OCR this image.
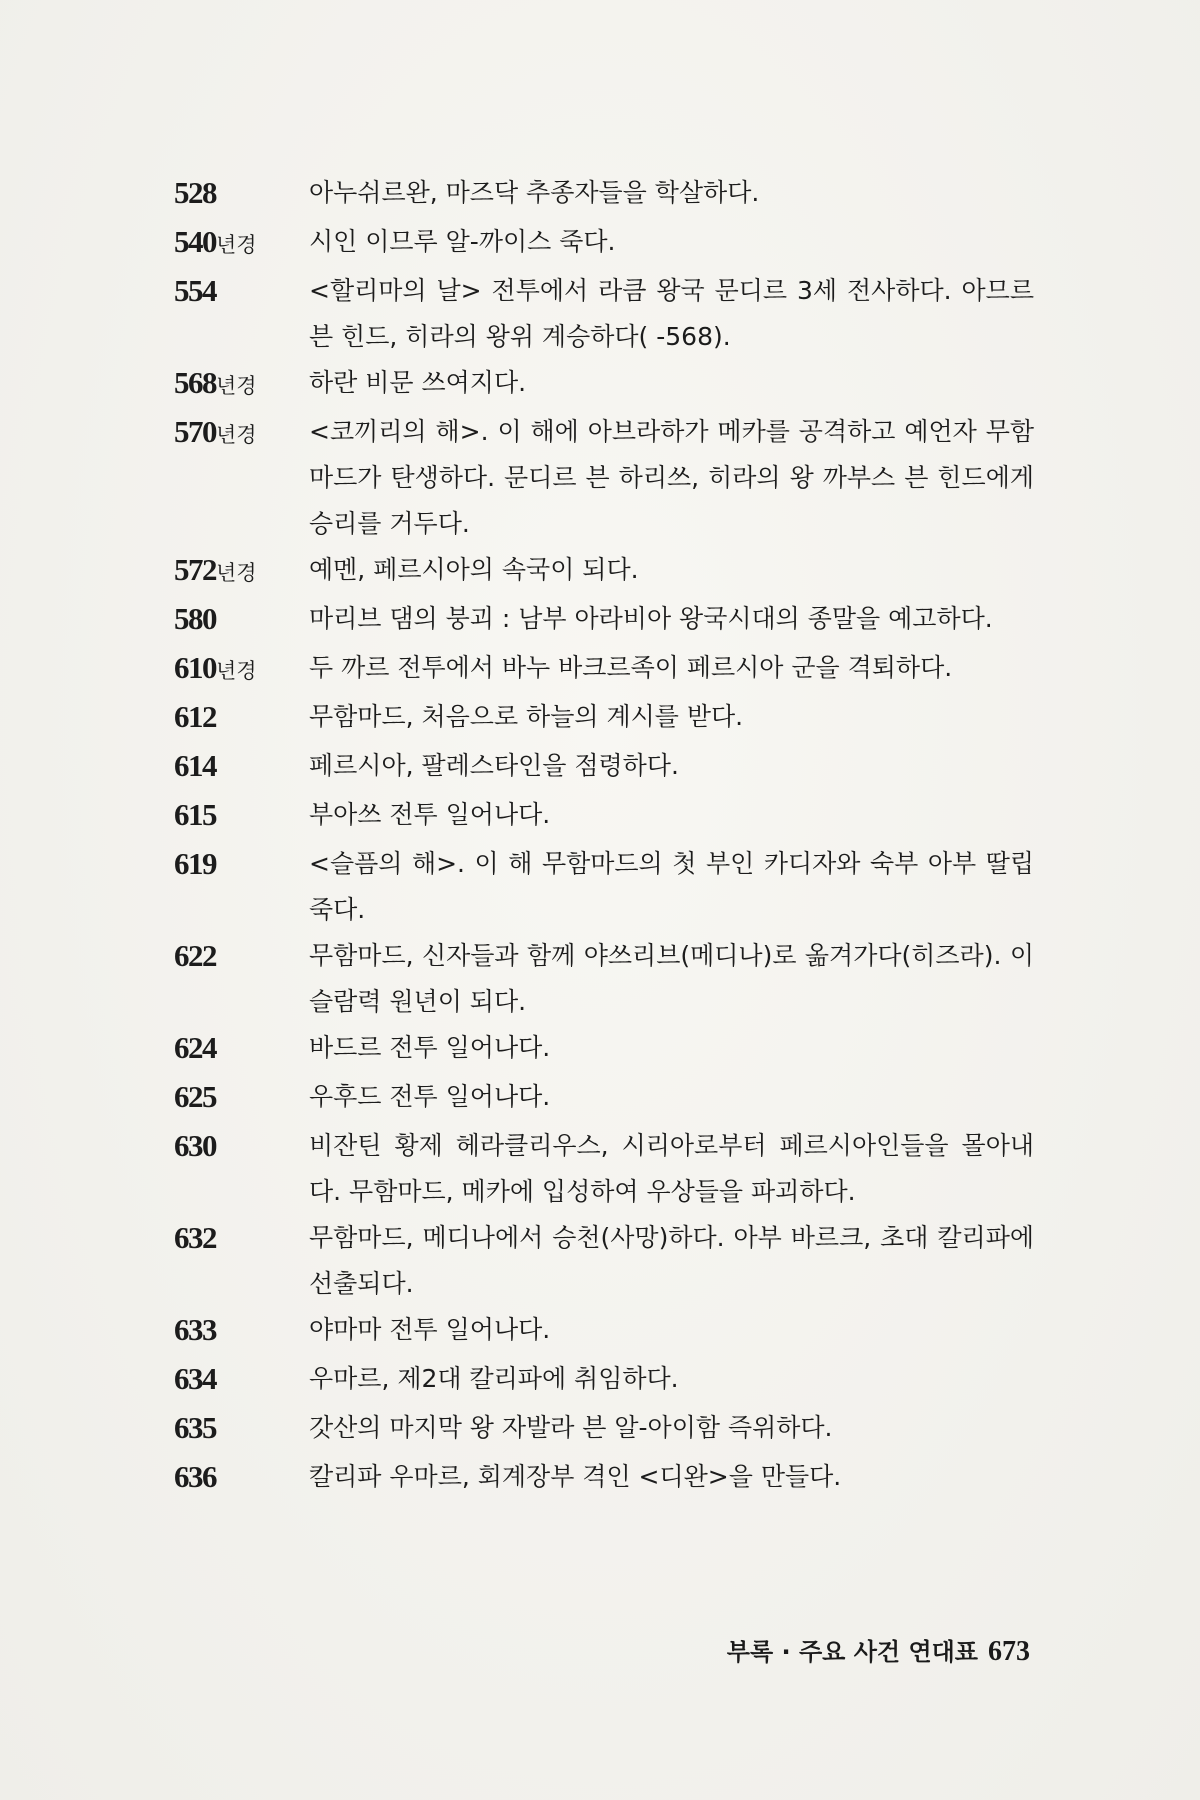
528	아누쉬르완, 마즈닥 추종자들을 학살하다.
540년경	시인 이므루 알-까이스 죽다.
554	<할리마의 날> 전투에서 라큼 왕국 문디르 3세 전사하다. 아므르 븐 힌드, 히라의 왕위 계승하다( -568).
568년경	하란 비문 쓰여지다.
570년경	<코끼리의 해>. 이 해에 아브라하가 메카를 공격하고 예언자 무함마드가 탄생하다. 문디르 븐 하리쓰, 히라의 왕 까부스 븐 힌드에게 승리를 거두다.
572년경	예멘, 페르시아의 속국이 되다.
580	마리브 댐의 붕괴 : 남부 아라비아 왕국시대의 종말을 예고하다.
610년경	두 까르 전투에서 바누 바크르족이 페르시아 군을 격퇴하다.
612	무함마드, 처음으로 하늘의 계시를 받다.
614	페르시아, 팔레스타인을 점령하다.
615	부아쓰 전투 일어나다.
619	<슬픔의 해>. 이 해 무함마드의 첫 부인 카디자와 숙부 아부 딸립 죽다.
622	무함마드, 신자들과 함께 야쓰리브(메디나)로 옮겨가다(히즈라). 이슬람력 원년이 되다.
624	바드르 전투 일어나다.
625	우후드 전투 일어나다.
630	비잔틴 황제 헤라클리우스, 시리아로부터 페르시아인들을 몰아내다. 무함마드, 메카에 입성하여 우상들을 파괴하다.
632	무함마드, 메디나에서 승천(사망)하다. 아부 바르크, 초대 칼리파에 선출되다.
633	야마마 전투 일어나다.
634	우마르, 제2대 칼리파에 취임하다.
635	갓산의 마지막 왕 자발라 븐 알-아이함 즉위하다.
636	칼리파 우마르, 회계장부 격인 <디완>을 만들다.
부록 · 주요 사건 연대표 673
